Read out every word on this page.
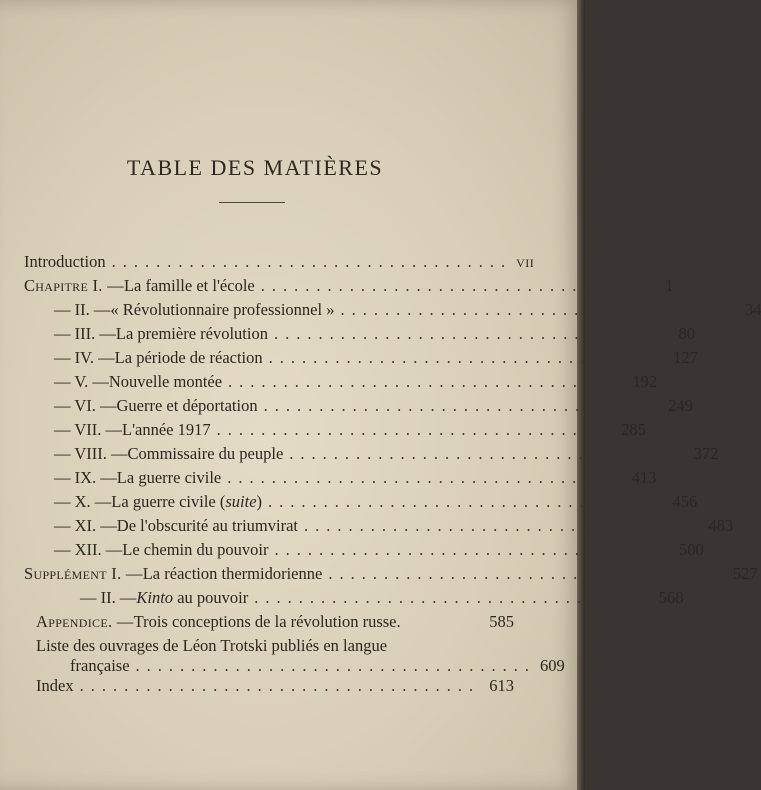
TABLE DES MATIÈRES
Introduction .................................... VII
Chapitre I. — La famille et l'école .................................... 1
— II. — « Révolutionnaire professionnel » .................................... 34
— III. — La première révolution .................................... 80
— IV. — La période de réaction .................................... 127
— V. — Nouvelle montée .................................... 192
— VI. — Guerre et déportation .................................... 249
— VII. — L'année 1917 .................................... 285
— VIII. — Commissaire du peuple .................................... 372
— IX. — La guerre civile .................................... 413
— X. — La guerre civile (suite) .................................... 456
— XI. — De l'obscurité au triumvirat .................................... 483
— XII. — Le chemin du pouvoir .................................... 500
Supplément I. — La réaction thermidorienne .................................... 527
— II. — Kinto au pouvoir .................................... 568
Appendice. — Trois conceptions de la révolution russe.	585
Liste des ouvrages de Léon Trotski publiés en langue
française .................................... 609
Index .................................... 613
